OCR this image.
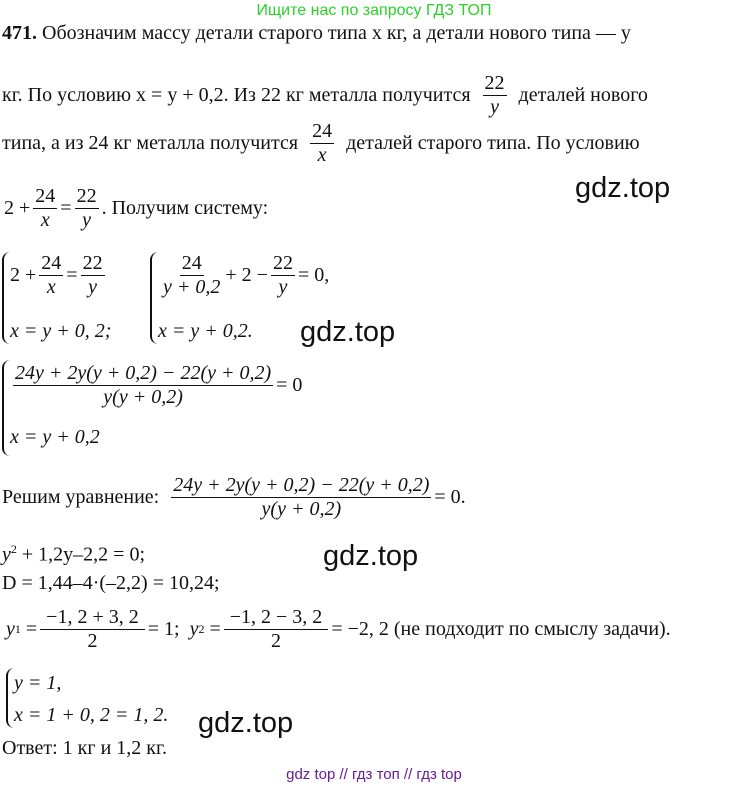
Ищите нас по запросу ГДЗ ТОП
471. Обозначим массу детали старого типа x кг, а детали нового типа — y
кг. По условию x = y + 0,2. Из 22 кг металла получится $\frac{22}{y}$ деталей нового
типа, а из 24 кг металла получится $\frac{24}{x}$ деталей старого типа. По условию
gdz.top
$2 + \frac{24}{x} = \frac{22}{y}$ . Получим систему:
$2 + \frac{24}{x} = \frac{22}{y}$
x = y + 0, 2;
$\frac{24}{y + 0,2} + 2 - \frac{22}{y} = 0$,
x = y + 0,2. gdz.top
$\frac{24y + 2y(y + 0,2) - 22(y + 0,2)}{y(y + 0,2)} = 0$
x = y + 0,2
Решим уравнение: $\frac{24y + 2y(y + 0,2) - 22(y + 0,2)}{y(y + 0,2)} = 0$.
$y^2 + 1,2y-2,2 = 0$;	gdz.top
D = 1,44–4·(–2,2) = 10,24;
y 1
= $\frac{-1, 2 + 3, 2}{2} = 1$;
y 2
= $\frac{-1, 2 - 3, 2}{2} = -2$, 2 (не подходит по смыслу задачи).
y = 1,
x = 1 + 0, 2 = 1, 2. gdz.top
Ответ: 1 кг и 1,2 кг.
gdz top // гдз топ // гдз top
